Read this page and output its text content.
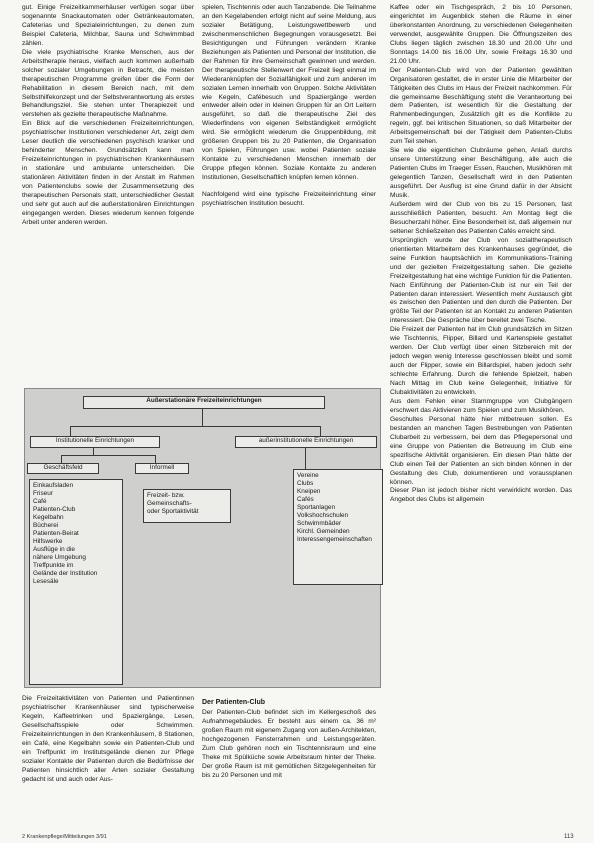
gut. Einige Freizeitkammerhäuser verfügen sogar über sogenannte Snackautomaten oder Getränkeautomaten, Cafeterias und Spezialeinrichtungen, zu denen zum Beispiel Cafeteria, Milchbar, Sauna und Schwimmbad zählen.

Die viele psychiatrische Kranke Menschen, aus der Arbeitstherapie heraus, vielfach auch kommen außerhalb solcher sozialer Umgebungen in Betracht, die meisten therapeutischen Programme greifen über die Form der Rehabilitation in diesem Bereich nach, mit dem Selbsthilfekonzept und der Selbstverantwortung als erstes Behandlungsziel. Sie stehen unter Therapiezeit und verstehen als gezielte therapeutische Maßnahme.

Ein Blick auf die verschiedenen Freizeiteinrichtungen, psychiatrischer Institutionen verschiedener Art, zeigt dem Leser deutlich die verschiedenen psychisch kranker und behinderter Menschen. Grundsätzlich kann man Freizeiteinrichtungen in psychiatrischen Krankenhäusern in stationäre und ambulante unterscheiden. Die stationären Aktivitäten finden in der Anstalt im Rahmen von Patientenclubs sowie der Zusammensetzung des therapeutischen Personals statt, unterschiedlicher Gestalt und sehr gut auch auf die außerstationären Einrichtungen eingegangen werden. Dieses wiederum kennen folgende Arbeit unter anderen werden.

spielen, Tischtennis oder auch Tanzabende. Die Teilnahme an den Kegelabenden erfolgt nicht auf seine Meldung, aus sozialer Betätigung, Leistungswettbewerb und zwischenmenschlichen Begegnungen vorausgesetzt. Bei Besichtigungen und Führungen verändern Kranke Beziehungen als Patienten und Personal der Institution, die der Rahmen für ihre Gemeinschaft gewinnen und werden. Der therapeutische Stellenwert der Freizeit liegt einmal im Wiederanknüpfen der Sozialfähigkeit und zum anderen im sozialen Lernen innerhalb von Gruppen. Solche Aktivitäten wie Kegeln, Cafébesuch und Spaziergänge werden entweder allein oder in kleinen Gruppen für an Ort Leitern ausgeführt, so daß die therapeutische Ziel des Wiederfindens von eigenen Selbständigkeit ermöglicht wird. Sie ermöglicht wiederum die Gruppenbildung, mit größeren Gruppen bis zu 20 Patienten, die Organisation von Spielen, Führungen usw. wobei Patienten soziale Kontakte zu verschiedenen Menschen innerhalb der Gruppe pflegen können. Soziale Kontakte zu anderen Institutionen, Gesellschaftlich knüpfen lernen können.

Nachfolgend wird eine typische Freizeiteinrichtung einer psychiatrischen Institution besucht.

Kaffee oder ein Tischgespräch, 2 bis 10 Personen, eingerichtet im Augenblick stehen die Räume in einer überkonstanten Anordnung, zu verschiedenen Gelegenheiten verwendet, ausgewählte Gruppen. Die Öffnungszeiten des Clubs liegen täglich zwischen 18.30 und 20.00 Uhr und Sonntags 14.00 bis 16.00 Uhr, sowie Freitags 16.30 und 21.00 Uhr.

Der Patienten-Club wird von der Patienten gewählten Organisatoren gestaltet, die in erster Linie die Mitarbeiter der Tätigkeiten des Clubs im Haus der Freizeit nachkommen. Für die gemeinsame Beschäftigung steht die Verantwortung bei dem Patienten, ist wesentlich für die Gestaltung der Rahmenbedingungen, Zusätzlich gilt es die Konflikte zu regeln, ggf. bei kritischen Situationen, so daß Mitarbeiter der Arbeitsgemeinschaft bei der Tätigkeit dem Patienten-Clubs zum Teil stehen.

Sie wie die eigentlichen Clubräume gehen, Anlaß durchs unsere Unterstützung einer Beschäftigung, alle auch die Patienten Clubs im Traeger Essen, Rauchen, Musikhören mit gelegentlich Tanzen, Gesellschaft wird in den Patienten ausgeführt. Der Ausflug ist eine Grund dafür in der Absicht Musik.

Außerdem wird der Club von bis zu 15 Personen, fast ausschließlich Patienten, besucht. Am Montag liegt die Besucherzahl höher. Eine Besonderheit ist, daß allgemein nur seltener Schließzeiten des Patienten Cafés erreicht sind.

Ursprünglich wurde der Club von sozialtherapeutisch orientierten Mitarbeitern des Krankenhauses gegründet, die seine Funktion hauptsächlich im Kommunikations-Training und der gezielten Freizeitgestaltung sahen. Die gezielte Freizeitgestaltung hat eine wichtige Funktion für die Patienten. Nach Einführung der Patienten-Club ist nur ein Teil der Patienten daran interessiert. Wesentlich mehr Austausch gibt es zwischen den Patienten und den durch die Patienten. Der größte Teil der Patienten ist an Kontakt zu anderen Patienten interessiert. Die Gespräche über bereitet zwei Tische.

Die Freizeit der Patienten hat im Club grundsätzlich im Sitzen wie Tischtennis, Flipper, Billard und Kartenspiele gestaltet werden. Der Club verfügt über einen Sitzbereich mit der jedoch wegen wenig Interesse geschlossen bleibt und somit auch der Flipper, sowie ein Billardspiel, haben jedoch sehr schlechte Erfahrung. Durch die fehlende Spielzeit, haben Nach Mittag im Club keine Gelegenheit, Initiative für Clubaktivitäten zu entwickeln.

Aus dem Fehlen einer Stammgruppe von Clubgängern erschwert das Aktivieren zum Spielen und zum Musikhören.

Geschultes Personal hätte hier mitbetreuen sollen. Es bestanden an manchen Tagen Bestrebungen von Patienten Clubarbeit zu verbessern, bei dem das Pflegepersonal und eine Gruppe von Patienten die Betreuung im Club eine spezifische Aktivität organisieren. Ein diesen Plan hätte der Club einen Teil der Patienten an sich binden können in der Gestaltung des Club, dokumentieren und voraussplanen können.

Dieser Plan ist jedoch bisher nicht verwirklicht worden. Das Angebot des Clubs ist allgemein

Außerstationäre Freizeiteinrichtungen
Institutionelle Einrichtungen	außerinstitutionelle Einrichtungen
Geschäftsfeld	Informell
Einkaufsladen
Friseur
Café
Patienten-Club
Kegelbahn
Bücherei
Patienten-Beirat
Hilfswerke
Ausflüge in die
nähere Umgebung
Treffpunkte im
Gelände der Institution
Lesesäle
Freizeit- bzw.
Gemeinschafts-
oder Sportaktivität
Vereine
Clubs
Kneipen
Cafés
Sportanlagen
Volkshochschulen
Schwimmbäder
Kirchl. Gemeinden
Interessengemeinschaften

Die Freizeitaktivitäten von Patienten und Patientinnen psychiatrischer Krankenhäuser sind typischerweise Kegeln, Kaffeetrinken und Spaziergänge, Lesen, Gesellschaftsspiele oder Schwimmen. Freizeiteinrichtungen in den Krankenhäusern, 8 Stationen, ein Café, eine Kegelbahn sowie ein Patienten-Club und ein Treffpunkt im Institutsgelände dienen zur Pflege sozialer Kontakte der Patienten durch die Bedürfnisse der Patienten hinsichtlich aller Arten sozialer Gestaltung gedacht ist und auch oder Aus-

Der Patienten-Club

Der Patienten-Club befindet sich im Kellergeschoß des Aufnahmegebäudes. Er besteht aus einem ca. 36 m² großen Raum mit eigenem Zugang von außen-Architekten, hochgezogenen Fensterrahmen und Leistungsgeräten. Zum Club gehören noch ein Tischtennisraum und eine Theke mit Spülküche sowie Arbeitsraum hinter der Theke. Der große Raum ist mit gemütlichen Sitzgelegenheiten für bis zu 20 Personen und mit

2 Krankenpflege/Mitteilungen 3/91	113
